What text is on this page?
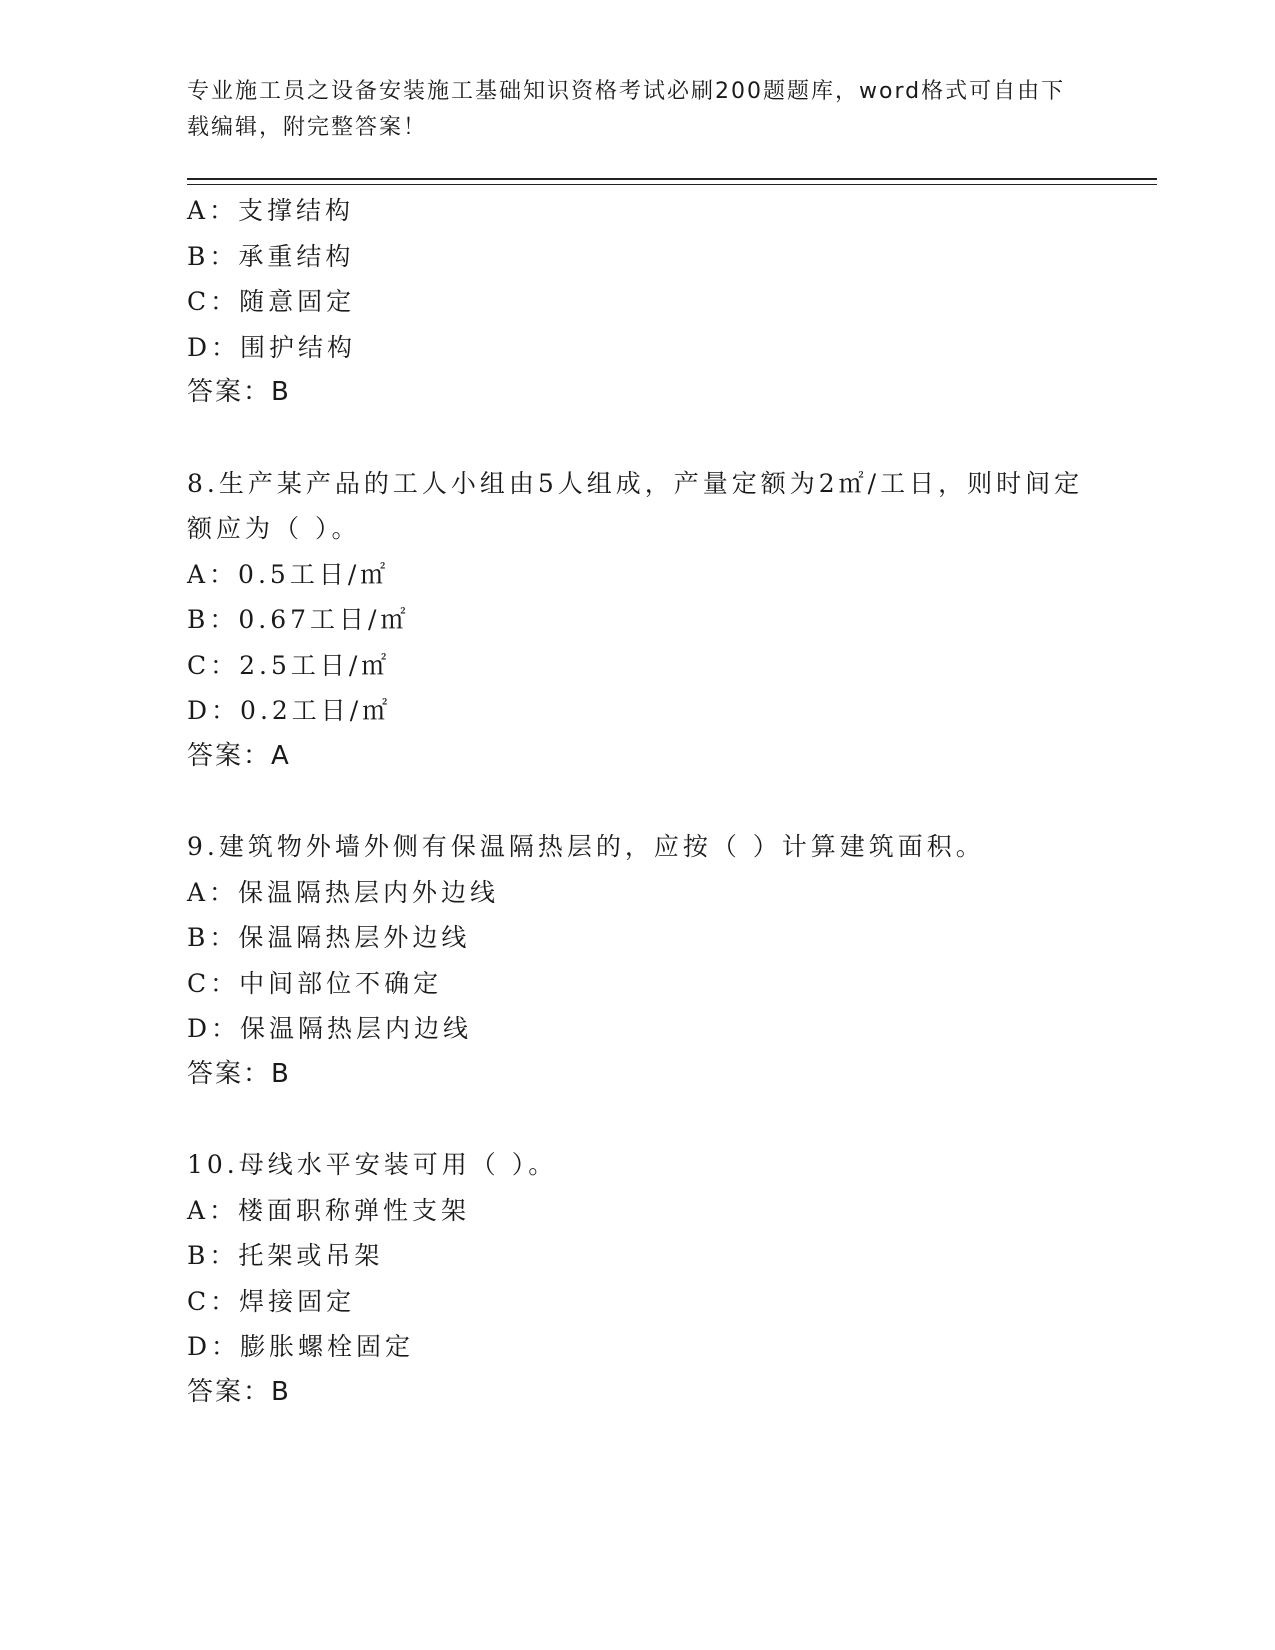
专业施工员之设备安装施工基础知识资格考试必刷200题题库，word格式可自由下载编辑，附完整答案！
A：支撑结构
B：承重结构
C：随意固定
D：围护结构
答案：B
8.生产某产品的工人小组由5人组成，产量定额为2㎡/工日，则时间定额应为（ ）。
A：0.5工日/㎡
B：0.67工日/㎡
C：2.5工日/㎡
D：0.2工日/㎡
答案：A
9.建筑物外墙外侧有保温隔热层的，应按（ ）计算建筑面积。
A：保温隔热层内外边线
B：保温隔热层外边线
C：中间部位不确定
D：保温隔热层内边线
答案：B
10.母线水平安装可用（ ）。
A：楼面职称弹性支架
B：托架或吊架
C：焊接固定
D：膨胀螺栓固定
答案：B
